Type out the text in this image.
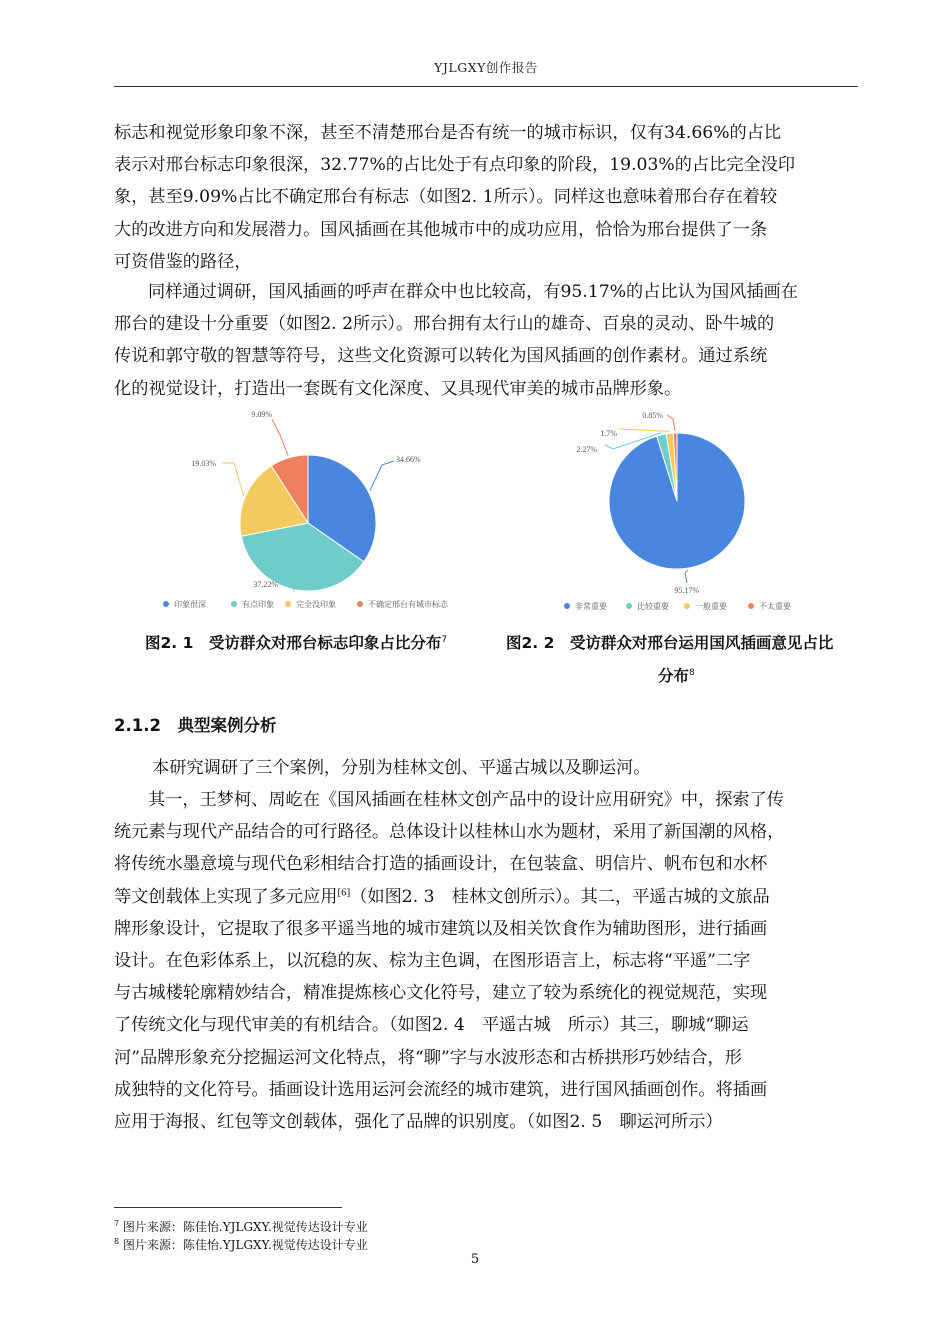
YJLGXY创作报告
标志和视觉形象印象不深，甚至不清楚邢台是否有统一的城市标识，仅有34.66%的占比
表示对邢台标志印象很深，32.77%的占比处于有点印象的阶段，19.03%的占比完全没印
象，甚至9.09%占比不确定邢台有标志（如图2. 1所示）。同样这也意味着邢台存在着较
大的改进方向和发展潜力。国风插画在其他城市中的成功应用，恰恰为邢台提供了一条
可资借鉴的路径，
同样通过调研，国风插画的呼声在群众中也比较高，有95.17%的占比认为国风插画在
邢台的建设十分重要（如图2. 2所示）。邢台拥有太行山的雄奇、百泉的灵动、卧牛城的
传说和郭守敬的智慧等符号，这些文化资源可以转化为国风插画的创作素材。通过系统
化的视觉设计，打造出一套既有文化深度、又具现代审美的城市品牌形象。
34.66%
37.22%
19.03%
9.09%
印象很深	有点印象	完全没印象	不确定邢台有城市标志
图2. 1　受访群众对邢台标志印象占比分布$^7$
95.17%
2.27%
1.7%
0.85%
非常重要	比较重要	一般重要	不太重要
图2. 2　受访群众对邢台运用国风插画意见占比
分布$^8$
2.1.2　典型案例分析
本研究调研了三个案例，分别为桂林文创、平遥古城以及聊运河。
其一，王梦柯、周屹在《国风插画在桂林文创产品中的设计应用研究》中，探索了传
统元素与现代产品结合的可行路径。总体设计以桂林山水为题材，采用了新国潮的风格，
将传统水墨意境与现代色彩相结合打造的插画设计，在包装盒、明信片、帆布包和水杯
等文创载体上实现了多元应用[6]（如图2. 3　桂林文创所示）。其二，平遥古城的文旅品
牌形象设计，它提取了很多平遥当地的城市建筑以及相关饮食作为辅助图形，进行插画
设计。在色彩体系上，以沉稳的灰、棕为主色调，在图形语言上，标志将“平遥”二字
与古城楼轮廓精妙结合，精准提炼核心文化符号，建立了较为系统化的视觉规范，实现
了传统文化与现代审美的有机结合。（如图2. 4　平遥古城　所示）其三，聊城“聊运
河”品牌形象充分挖掘运河文化特点，将“聊”字与水波形态和古桥拱形巧妙结合，形
成独特的文化符号。插画设计选用运河会流经的城市建筑，进行国风插画创作。将插画
应用于海报、红包等文创载体，强化了品牌的识别度。（如图2. 5　聊运河所示）
$^7$ 图片来源：陈佳怡.YJLGXY.视觉传达设计专业
$^8$ 图片来源：陈佳怡.YJLGXY.视觉传达设计专业
5
